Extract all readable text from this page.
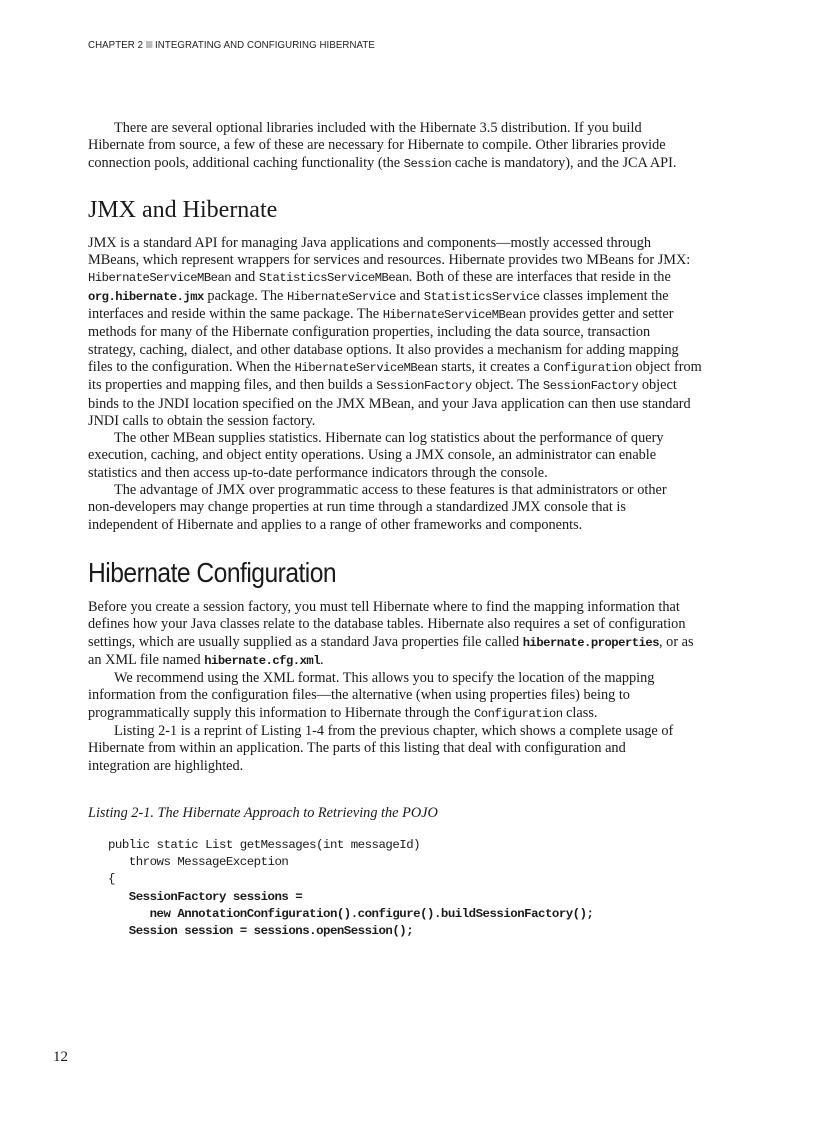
CHAPTER 2 INTEGRATING AND CONFIGURING HIBERNATE

There are several optional libraries included with the Hibernate 3.5 distribution. If you build
Hibernate from source, a few of these are necessary for Hibernate to compile. Other libraries provide
connection pools, additional caching functionality (the Session cache is mandatory), and the JCA API.

JMX and Hibernate

JMX is a standard API for managing Java applications and components—mostly accessed through
MBeans, which represent wrappers for services and resources. Hibernate provides two MBeans for JMX:
HibernateServiceMBean and StatisticsServiceMBean. Both of these are interfaces that reside in the
org.hibernate.jmx package. The HibernateService and StatisticsService classes implement the
interfaces and reside within the same package. The HibernateServiceMBean provides getter and setter
methods for many of the Hibernate configuration properties, including the data source, transaction
strategy, caching, dialect, and other database options. It also provides a mechanism for adding mapping
files to the configuration. When the HibernateServiceMBean starts, it creates a Configuration object from
its properties and mapping files, and then builds a SessionFactory object. The SessionFactory object
binds to the JNDI location specified on the JMX MBean, and your Java application can then use standard
JNDI calls to obtain the session factory.

The other MBean supplies statistics. Hibernate can log statistics about the performance of query
execution, caching, and object entity operations. Using a JMX console, an administrator can enable
statistics and then access up-to-date performance indicators through the console.

The advantage of JMX over programmatic access to these features is that administrators or other
non-developers may change properties at run time through a standardized JMX console that is
independent of Hibernate and applies to a range of other frameworks and components.

Hibernate Configuration

Before you create a session factory, you must tell Hibernate where to find the mapping information that
defines how your Java classes relate to the database tables. Hibernate also requires a set of configuration
settings, which are usually supplied as a standard Java properties file called hibernate.properties, or as
an XML file named hibernate.cfg.xml.

We recommend using the XML format. This allows you to specify the location of the mapping
information from the configuration files—the alternative (when using properties files) being to
programmatically supply this information to Hibernate through the Configuration class.

Listing 2-1 is a reprint of Listing 1-4 from the previous chapter, which shows a complete usage of
Hibernate from within an application. The parts of this listing that deal with configuration and
integration are highlighted.

Listing 2-1. The Hibernate Approach to Retrieving the POJO

public static List getMessages(int messageId)
throws MessageException
{
SessionFactory sessions =
new AnnotationConfiguration().configure().buildSessionFactory();
Session session = sessions.openSession();
12
